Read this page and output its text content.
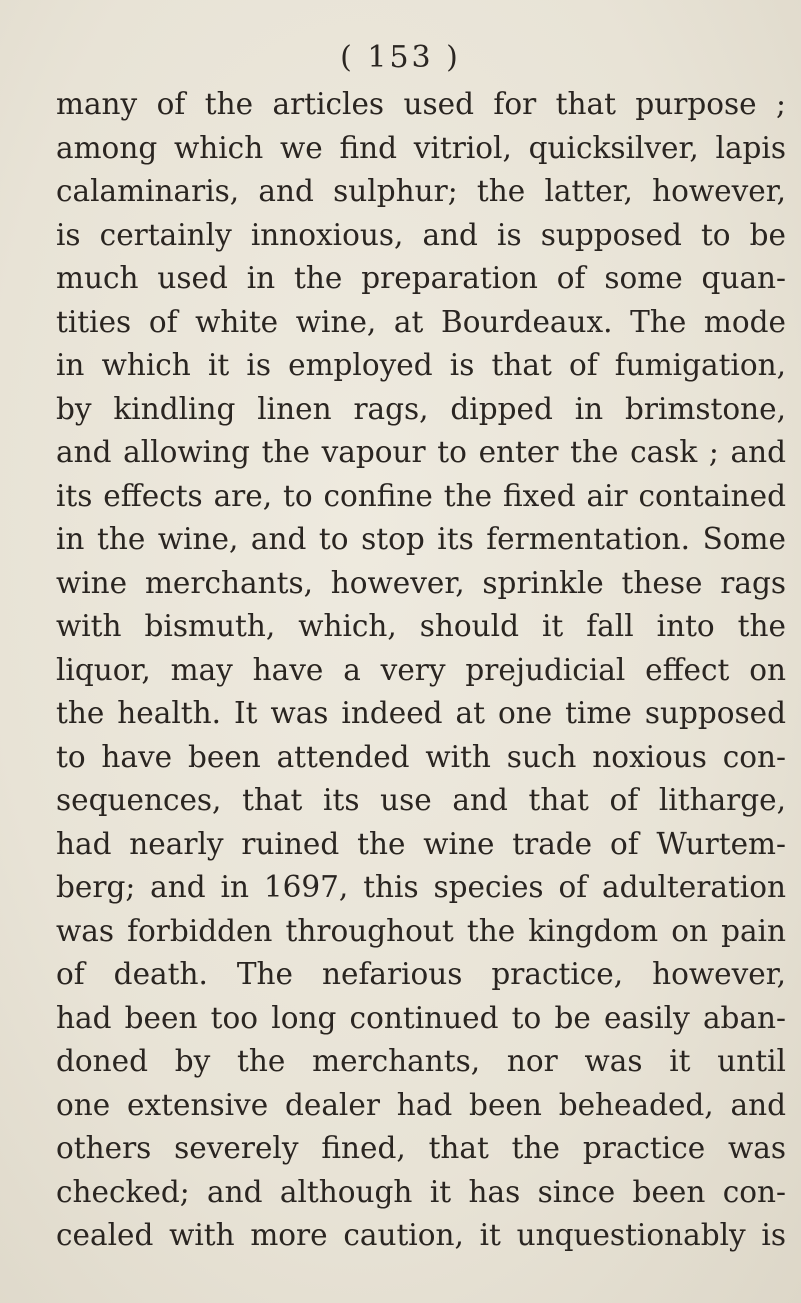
( 153 )
many of the articles used for that purpose ;
among which we find vitriol, quicksilver, lapis
calaminaris, and sulphur; the latter, however,
is certainly innoxious, and is supposed to be
much used in the preparation of some quan-
tities of white wine, at Bourdeaux. The mode
in which it is employed is that of fumigation,
by kindling linen rags, dipped in brimstone,
and allowing the vapour to enter the cask ; and
its effects are, to confine the fixed air contained
in the wine, and to stop its fermentation. Some
wine merchants, however, sprinkle these rags
with bismuth, which, should it fall into the
liquor, may have a very prejudicial effect on
the health. It was indeed at one time supposed
to have been attended with such noxious con-
sequences, that its use and that of litharge,
had nearly ruined the wine trade of Wurtem-
berg; and in 1697, this species of adulteration
was forbidden throughout the kingdom on pain
of death. The nefarious practice, however,
had been too long continued to be easily aban-
doned by the merchants, nor was it until
one extensive dealer had been beheaded, and
others severely fined, that the practice was
checked; and although it has since been con-
cealed with more caution, it unquestionably is
